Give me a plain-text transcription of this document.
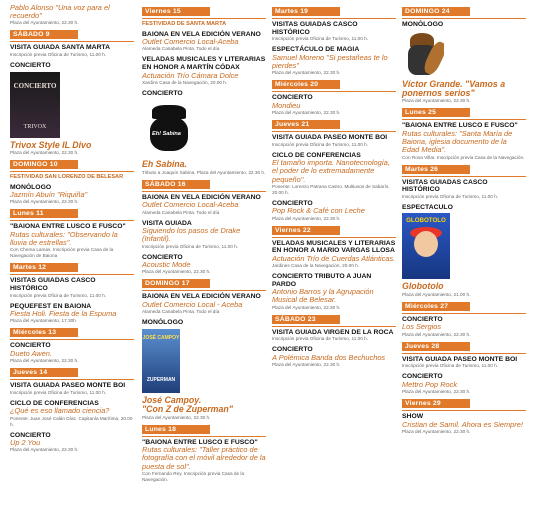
Pablo Alonso "Una voz para el recuerdo"
Plaza del Ayuntamiento, 22.30 h.
SÁBADO 9
VISITA GUIADA SANTA MARTA
Inscripción previa Oficina de Turismo, 11.00 h.
CONCIERTO
CONCIERTO
TRIVOX
Trivox Style IL Divo
Plaza del Ayuntamiento, 22.30 h.
DOMINGO 10
FESTIVIDAD SAN LORENZO DE BELESAR
MONÓLOGO
Jazmín Abuín "Riquiña"
Plaza del Ayuntamiento, 22.30 h.
Lunes 11
"BAIONA ENTRE LUSCO E FUSCO"
Rutas culturales: "Observando la lluvia de estrellas".
Con Chema Lamas. Inscripción previa Casa de la Navegación de Baiona
Martes 12
VISITAS GUIADAS CASCO HISTÓRICO
Inscripción previa Oficina de Turismo, 11.00 h.
PEQUEFEST EN BAIONA
Fiesta Holi. Fiesta de la Espuma
Plaza del Ayuntamiento, 17.30h
Miércoles 13
CONCIERTO
Dueto Awen.
Plaza del Ayuntamiento, 22.30 h.
Jueves 14
VISITA GUIADA PASEO MONTE BOI
Inscripción previa Oficina de Turismo, 11.00 h.
CICLO DE CONFERENCIAS
¿Qué es eso llamado ciencia?
Ponente: Juan José Calán Díaz. Capitanía Marítima, 20.00 h.
CONCIERTO
Up 2 You
Plaza del Ayuntamiento, 22.30 h.
Viernes 15
FESTIVIDAD DE SANTA MARTA
BAIONA EN VELA EDICIÓN VERANO
Outlet Comercio Local-Aceba
Alameda Canabela Pinta. Todo el día
VELADAS MUSICALES Y LITERARIAS EN HONOR A MARTÍN CÓDAX
Actuación Trío Cámara Dolce
Xardins Casa de la Navegación, 20.00 h.
CONCIERTO
Eh! Sabina
Eh Sabina.
Tributo a Joaquín Sabina. Plaza del Ayuntamiento, 22.30 h.
SÁBADO 16
BAIONA EN VELA EDICIÓN VERANO
Outlet Comercio Local-Aceba
Alameda Canabela Pinta. Todo el día
VISITA GUIADA
Siguiendo los pasos de Drake (Infantil).
Inscripción previa Oficina de Turismo, 11.00 h.
CONCIERTO
Acoustic Mode
Plaza del Ayuntamiento, 22.30 h.
DOMINGO 17
BAIONA EN VELA EDICIÓN VERANO
Outlet Comercio Local - Aceba
Alameda Canabela Pinta. Todo el día
MONÓLOGO
JOSÉ CAMPOY
ZUPERMAN
José Campoy.
"Con Z de Zuperman"
Plaza del Ayuntamiento, 22.30 h.
Lunes 18
"BAIONA ENTRE LUSCO E FUSCO"
Rutas culturales: "Taller práctico de fotografía con el móvil alrededor de la puesta de sol".
Con Fernando Rey. Inscripción previa Casa de la Navegación.
Martes 19
VISITAS GUIADAS CASCO HISTÓRICO
Inscripción previa Oficina de Turismo, 11.00 h.
ESPECTÁCULO DE MAGIA
Samuel Moreno "Si pestañeas te lo pierdes"
Plaza del Ayuntamiento, 22.30 h.
Miércoles 20
CONCIERTO
Mondieu
Plaza del Ayuntamiento, 22.30 h.
Jueves 21
VISITA GUIADA PASEO MONTE BOI
Inscripción previa Oficina de Turismo, 11.00 h.
CICLO DE CONFERENCIAS
El tamaño importa. Nanotecnología, el poder de lo extremadamente pequeño".
Ponente: Lorenzo Patrana Castro. Multiusos de Sabarís, 20.00 h.
CONCIERTO
Pop Rock & Café con Leche
Plaza del Ayuntamiento, 22.30 h.
Viernes 22
VELADAS MUSICALES Y LITERARIAS EN HONOR A MARIO VARGAS LLOSA
Actuación Trío de Cuerdas Atlánticas.
Jardines Casa de la Navegación, 20.00 h.
CONCIERTO TRIBUTO A JUAN PARDO
Antonio Barros y la Agrupación Musical de Belesar.
Plaza del Ayuntamiento, 22.30 h.
SÁBADO 23
VISITA GUIADA VIRGEN DE LA ROCA
Inscripción previa Oficina de Turismo, 11.00 h.
CONCIERTO
A Polémica Banda dos Bechuchos
Plaza del Ayuntamiento, 22.30 h.
DOMINGO 24
MONÓLOGO
Víctor Grande. "Vamos a ponernos serios"
Plaza del Ayuntamiento, 22.30 h.
Lunes 25
"BAIONA ENTRE LUSCO E FUSCO"
Rutas culturales: "Santa María de Baiona, iglesia documento de la Edad Media".
Con Rosa Villar. Inscripción previa Casa de la Navegación.
Martes 26
VISITAS GUIADAS CASCO HISTÓRICO
Inscripción previa Oficina de Turismo, 11.00 h.
ESPECTACULO
GLOBOTOLO
Globotolo
Plaza del Ayuntamiento, 21.00 h.
Miércoles 27
CONCIERTO
Los Sergios
Plaza del Ayuntamiento, 22.30 h.
Jueves 28
VISITA GUIADA PASEO MONTE BOI
Inscripción previa Oficina de Turismo, 11.00 h.
CONCIERTO
Mettro Pop Rock
Plaza del Ayuntamiento, 22.30 h.
Viernes 29
SHOW
Cristian de Samil. Ahora es Siempre!
Plaza del Ayuntamiento, 22.30 h.
